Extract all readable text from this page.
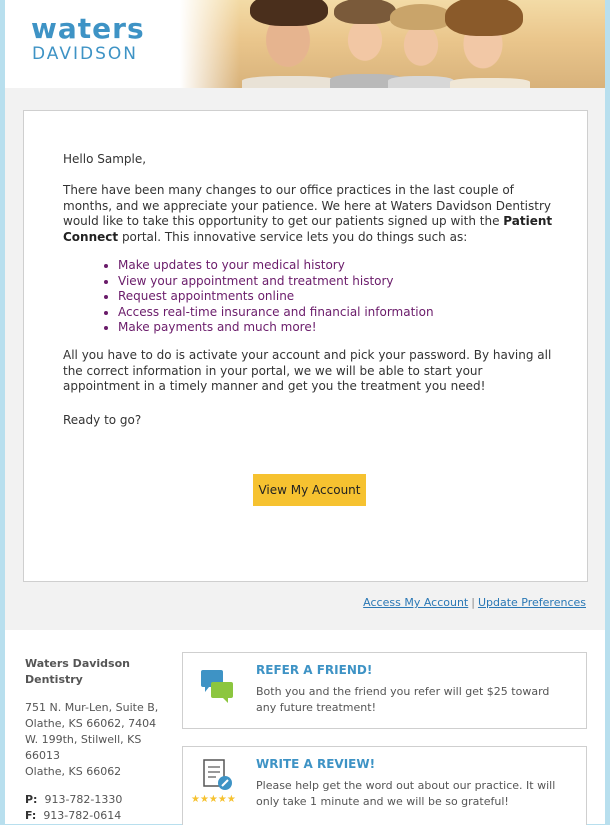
waters
DAVIDSON
Hello Sample,
There have been many changes to our office practices in the last couple of months, and we appreciate your patience. We here at Waters Davidson Dentistry would like to take this opportunity to get our patients signed up with the Patient Connect portal. This innovative service lets you do things such as:
• Make updates to your medical history
• View your appointment and treatment history
• Request appointments online
• Access real-time insurance and financial information
• Make payments and much more!
All you have to do is activate your account and pick your password. By having all the correct information in your portal, we we will be able to start your appointment in a timely manner and get you the treatment you need!
Ready to go?
View My Account
Access My Account | Update Preferences
Waters Davidson Dentistry
751 N. Mur-Len, Suite B, Olathe, KS 66062, 7404 W. 199th, Stilwell, KS 66013
Olathe, KS 66062
P: 913-782-1330
F: 913-782-0614
REFER A FRIEND!
Both you and the friend you refer will get $25 toward any future treatment!
★★★★★
WRITE A REVIEW!
Please help get the word out about our practice. It will only take 1 minute and we will be so grateful!
